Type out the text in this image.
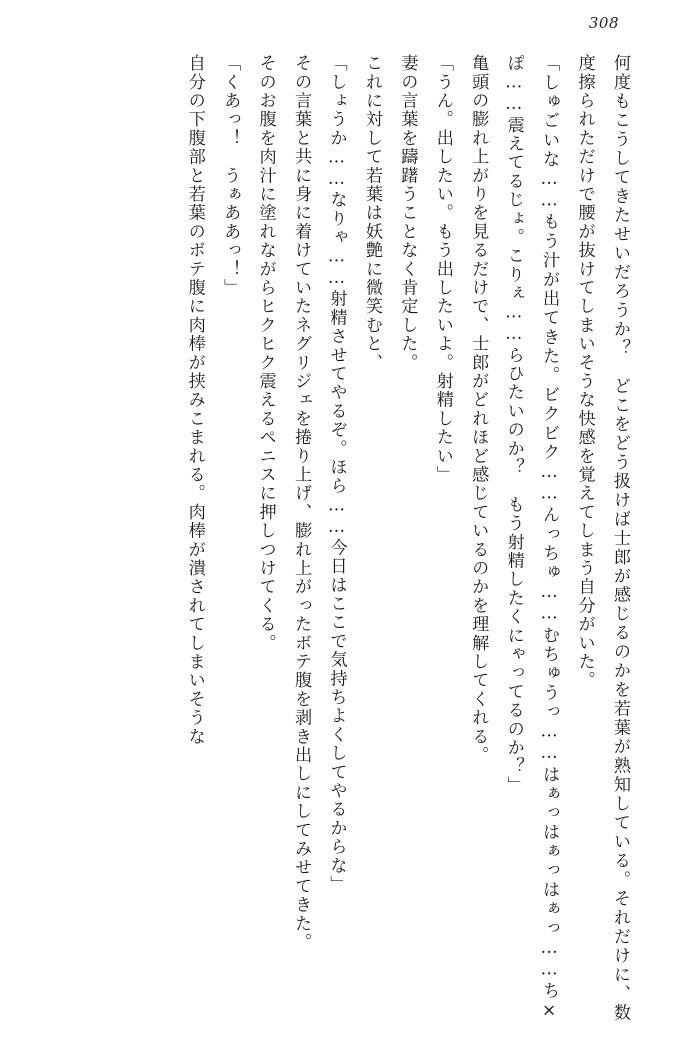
308

何度もこうしてきたせいだろうか？　どこをどう扱けば士郎が感じるのかを若葉が熟知している。それだけに、数度擦られただけで腰が抜けてしまいそうな快感を覚えてしまう自分がいた。

「しゅごいな……もう汁が出てきた。ビクビク……んっちゅ……むちゅうっ……はぁっはぁっはぁっ……ち×ぽ……震えてるじょ。こりぇ……らひたいのか？　もう射精したくにゃってるのか？」

亀頭の膨れ上がりを見るだけで、士郎がどれほど感じているのかを理解してくれる。

「うん。出したい。もう出したいよ。射精したい」

妻の言葉を躊躇うことなく肯定した。

これに対して若葉は妖艶に微笑むと、

「しょうか……なりゃ……射精させてやるぞ。ほら……今日はここで気持ちよくしてやるからな」

その言葉と共に身に着けていたネグリジェを捲り上げ、膨れ上がったボテ腹を剥き出しにしてみせてきた。

そのお腹を肉汁に塗れながらヒクヒク震えるペニスに押しつけてくる。

「くあっ！　うぁああっ！」

自分の下腹部と若葉のボテ腹に肉棒が挟みこまれる。肉棒が潰されてしまいそうな
